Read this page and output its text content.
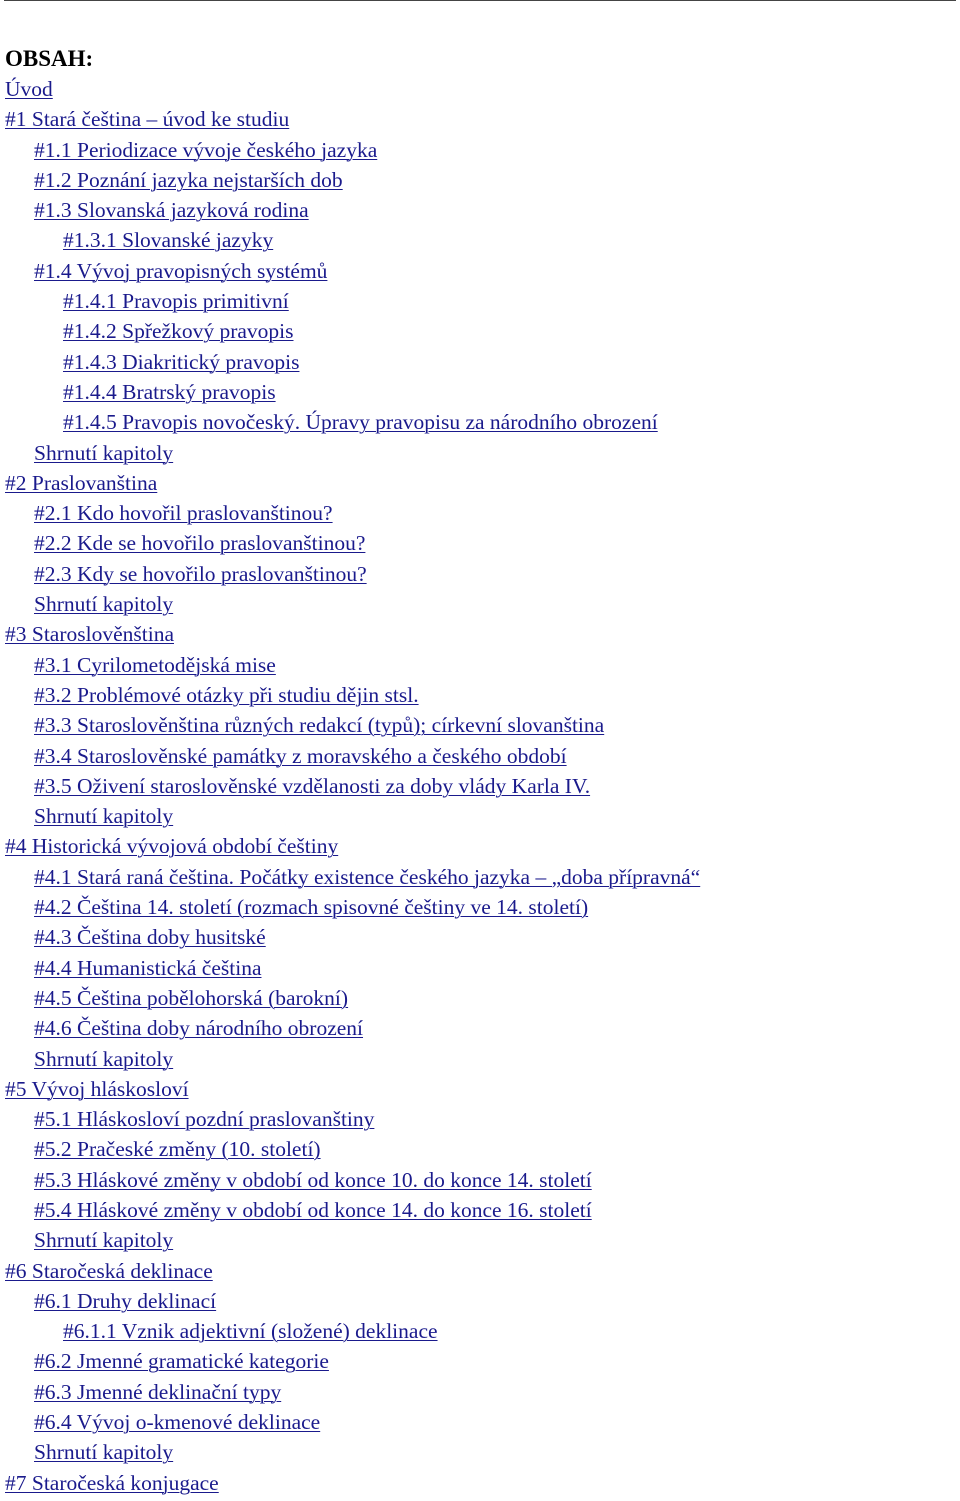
OBSAH:
Úvod
#1 Stará čeština – úvod ke studiu
#1.1 Periodizace vývoje českého jazyka
#1.2 Poznání jazyka nejstarších dob
#1.3 Slovanská jazyková rodina
#1.3.1 Slovanské jazyky
#1.4 Vývoj pravopisných systémů
#1.4.1 Pravopis primitivní
#1.4.2 Spřežkový pravopis
#1.4.3 Diakritický pravopis
#1.4.4 Bratrský pravopis
#1.4.5 Pravopis novočeský. Úpravy pravopisu za národního obrození
Shrnutí kapitoly
#2 Praslovanština
#2.1 Kdo hovořil praslovanštinou?
#2.2 Kde se hovořilo praslovanštinou?
#2.3 Kdy se hovořilo praslovanštinou?
Shrnutí kapitoly
#3 Staroslověnština
#3.1 Cyrilometodějská mise
#3.2 Problémové otázky při studiu dějin stsl.
#3.3 Staroslověnština různých redakcí (typů); církevní slovanština
#3.4 Staroslověnské památky z moravského a českého období
#3.5 Oživení staroslověnské vzdělanosti za doby vlády Karla IV.
Shrnutí kapitoly
#4 Historická vývojová období češtiny
#4.1 Stará raná čeština. Počátky existence českého jazyka – „doba přípravná“
#4.2 Čeština 14. století (rozmach spisovné češtiny ve 14. století)
#4.3 Čeština doby husitské
#4.4 Humanistická čeština
#4.5 Čeština pobělohorská (barokní)
#4.6 Čeština doby národního obrození
Shrnutí kapitoly
#5 Vývoj hláskosloví
#5.1 Hláskosloví pozdní praslovanštiny
#5.2 Pračeské změny (10. století)
#5.3 Hláskové změny v období od konce 10. do konce 14. století
#5.4 Hláskové změny v období od konce 14. do konce 16. století
Shrnutí kapitoly
#6 Staročeská deklinace
#6.1 Druhy deklinací
#6.1.1 Vznik adjektivní (složené) deklinace
#6.2 Jmenné gramatické kategorie
#6.3 Jmenné deklinační typy
#6.4 Vývoj o-kmenové deklinace
Shrnutí kapitoly
#7 Staročeská konjugace
